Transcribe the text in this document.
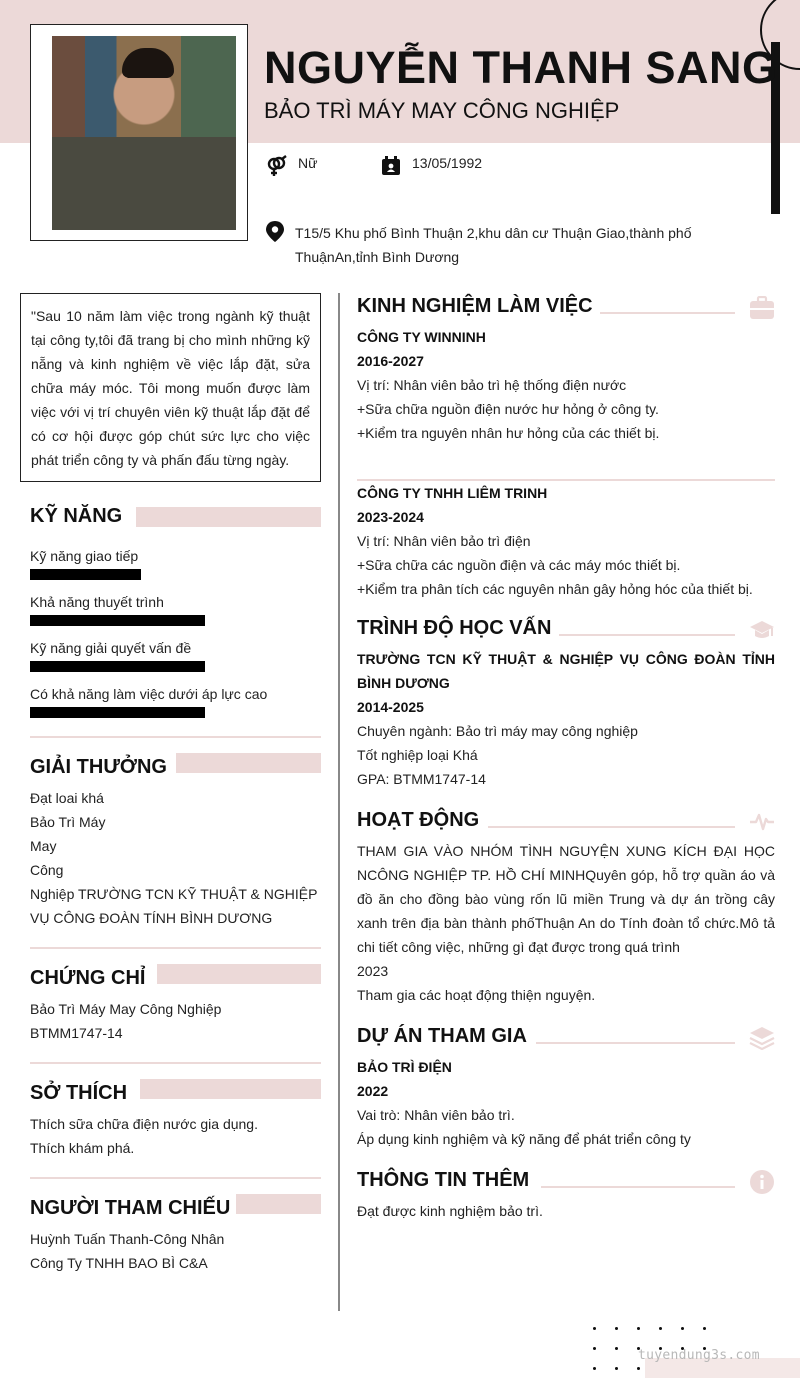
NGUYỄN THANH SANG
BẢO TRÌ MÁY MAY CÔNG NGHIỆP
Nữ	13/05/1992
T15/5 Khu phố Bình Thuận 2,khu dân cư Thuận Giao,thành phố ThuậnAn,tỉnh Bình Dương
"Sau 10 năm làm việc trong ngành kỹ thuật tại công ty,tôi đã trang bị cho mình những kỹ nẵng và kinh nghiệm về việc lắp đặt, sửa chữa máy móc. Tôi mong muốn được làm việc với vị trí chuyên viên kỹ thuật lắp đặt để có cơ hội được góp chút sức lực cho việc phát triển công ty và phấn đấu từng ngày.
KỸ NĂNG
Kỹ năng giao tiếp
Khả năng thuyết trình
Kỹ năng giải quyết vấn đề
Có khả năng làm việc dưới áp lực cao
GIẢI THƯỞNG
Đạt loai khá
Bảo Trì Máy
May
Công
Nghiệp TRƯỜNG TCN KỸ THUẬT & NGHIỆP VỤ CÔNG ĐOÀN TÍNH BÌNH DƯƠNG
CHỨNG CHỈ
Bảo Trì Máy May Công Nghiệp
BTMM1747-14
SỞ THÍCH
Thích sữa chữa điện nước gia dụng.
Thích khám phá.
NGƯỜI THAM CHIẾU
Huỳnh Tuấn Thanh-Công Nhân
Công Ty TNHH BAO BÌ C&A
KINH NGHIỆM LÀM VIỆC
CÔNG TY WINNINH
2016-2027
Vị trí: Nhân viên bảo trì hệ thống điện nước
+Sữa chữa nguồn điện nước hư hỏng ở công ty.
+Kiểm tra nguyên nhân hư hỏng của các thiết bị.
CÔNG TY TNHH LIÊM TRINH
2023-2024
Vị trí: Nhân viên bảo trì điện
+Sữa chữa các nguồn điện và các máy móc thiết bị.
+Kiểm tra phân tích các nguyên nhân gây hỏng hóc của thiết bị.
TRÌNH ĐỘ HỌC VẤN
TRƯỜNG TCN KỸ THUẬT & NGHIỆP VỤ CÔNG ĐOÀN TỈNH BÌNH DƯƠNG
2014-2025
Chuyên ngành: Bảo trì máy may công nghiệp
Tốt nghiệp loại Khá
GPA: BTMM1747-14
HOẠT ĐỘNG
THAM GIA VÀO NHÓM TÌNH NGUYỆN XUNG KÍCH ĐẠI HỌC NCÔNG NGHIỆP TP. HỒ CHÍ MINHQuyên góp, hỗ trợ quần áo và đồ ăn cho đồng bào vùng rốn lũ miền Trung và dự án trồng cây xanh trên địa bàn thành phốThuận An do Tính đoàn tổ chức.Mô tả chi tiết công việc, những gì đạt được trong quá trình
2023
Tham gia các hoạt động thiện nguyện.
DỰ ÁN THAM GIA
BẢO TRÌ ĐIỆN
2022
Vai trò: Nhân viên bảo trì.
Áp dụng kinh nghiệm và kỹ năng để phát triển công ty
THÔNG TIN THÊM
Đạt được kinh nghiệm bảo trì.
tuyendung3s.com
